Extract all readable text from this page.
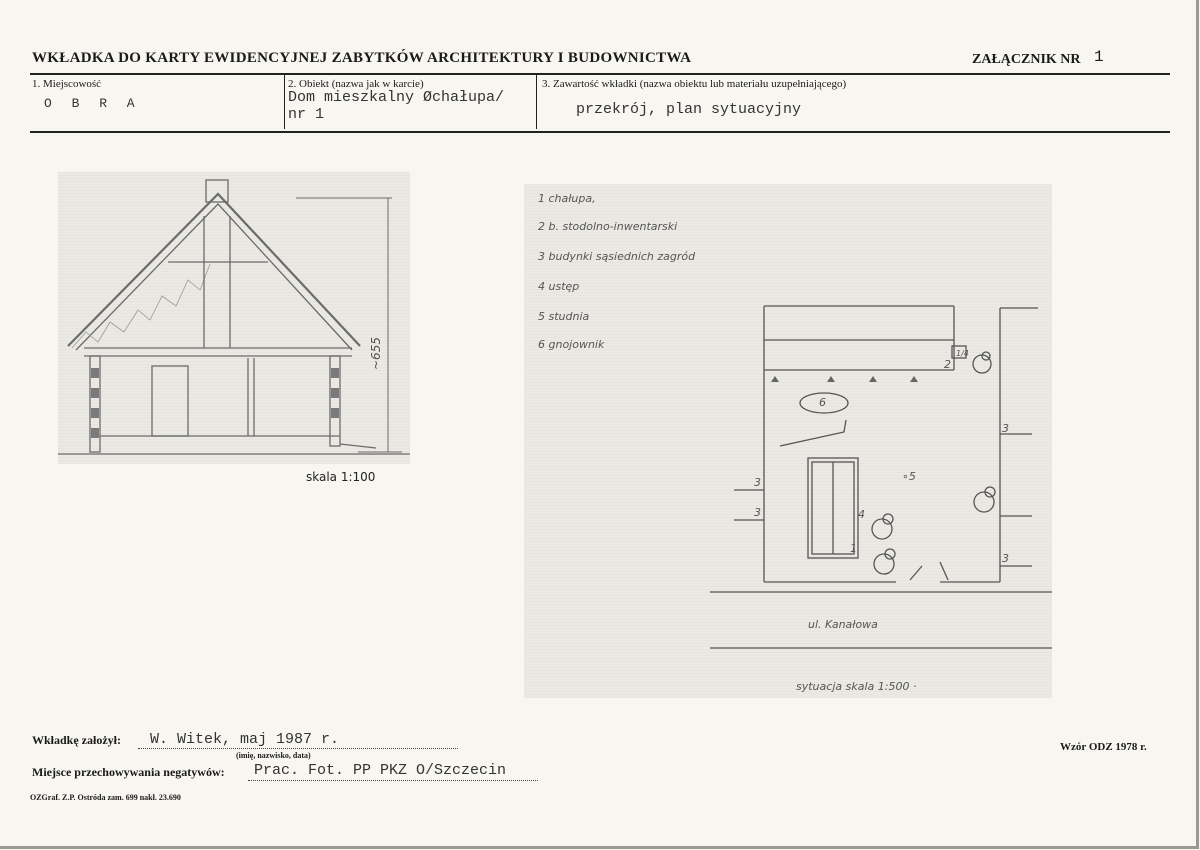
WKŁADKA DO KARTY EWIDENCYJNEJ ZABYTKÓW ARCHITEKTURY I BUDOWNICTWA	ZAŁĄCZNIK NR 1
1. Miejscowość
O B R A
2. Obiekt (nazwa jak w karcie)
Dom mieszkalny Øchałupa/
nr 1
3. Zawartość wkładki (nazwa obiektu lub materiału uzupełniającego)
przekrój, plan sytuacyjny
~655
skala 1:100
1 chałupa,
2 b. stodolno-inwentarski
3 budynki sąsiednich zagród
4 ustęp
5 studnia
6 gnojownik
6
2
1/4
∘5
4
1
3
3
3
3
ul. Kanałowa
sytuacja skala 1:500 ·
Wkładkę założył: W. Witek, maj 1987 r.
(imię, nazwisko, data)
Miejsce przechowywania negatywów: Prac. Fot. PP PKZ O/Szczecin
Wzór ODZ 1978 r.
OZGraf. Z.P. Ostróda zam. 699 nakł. 23.690
